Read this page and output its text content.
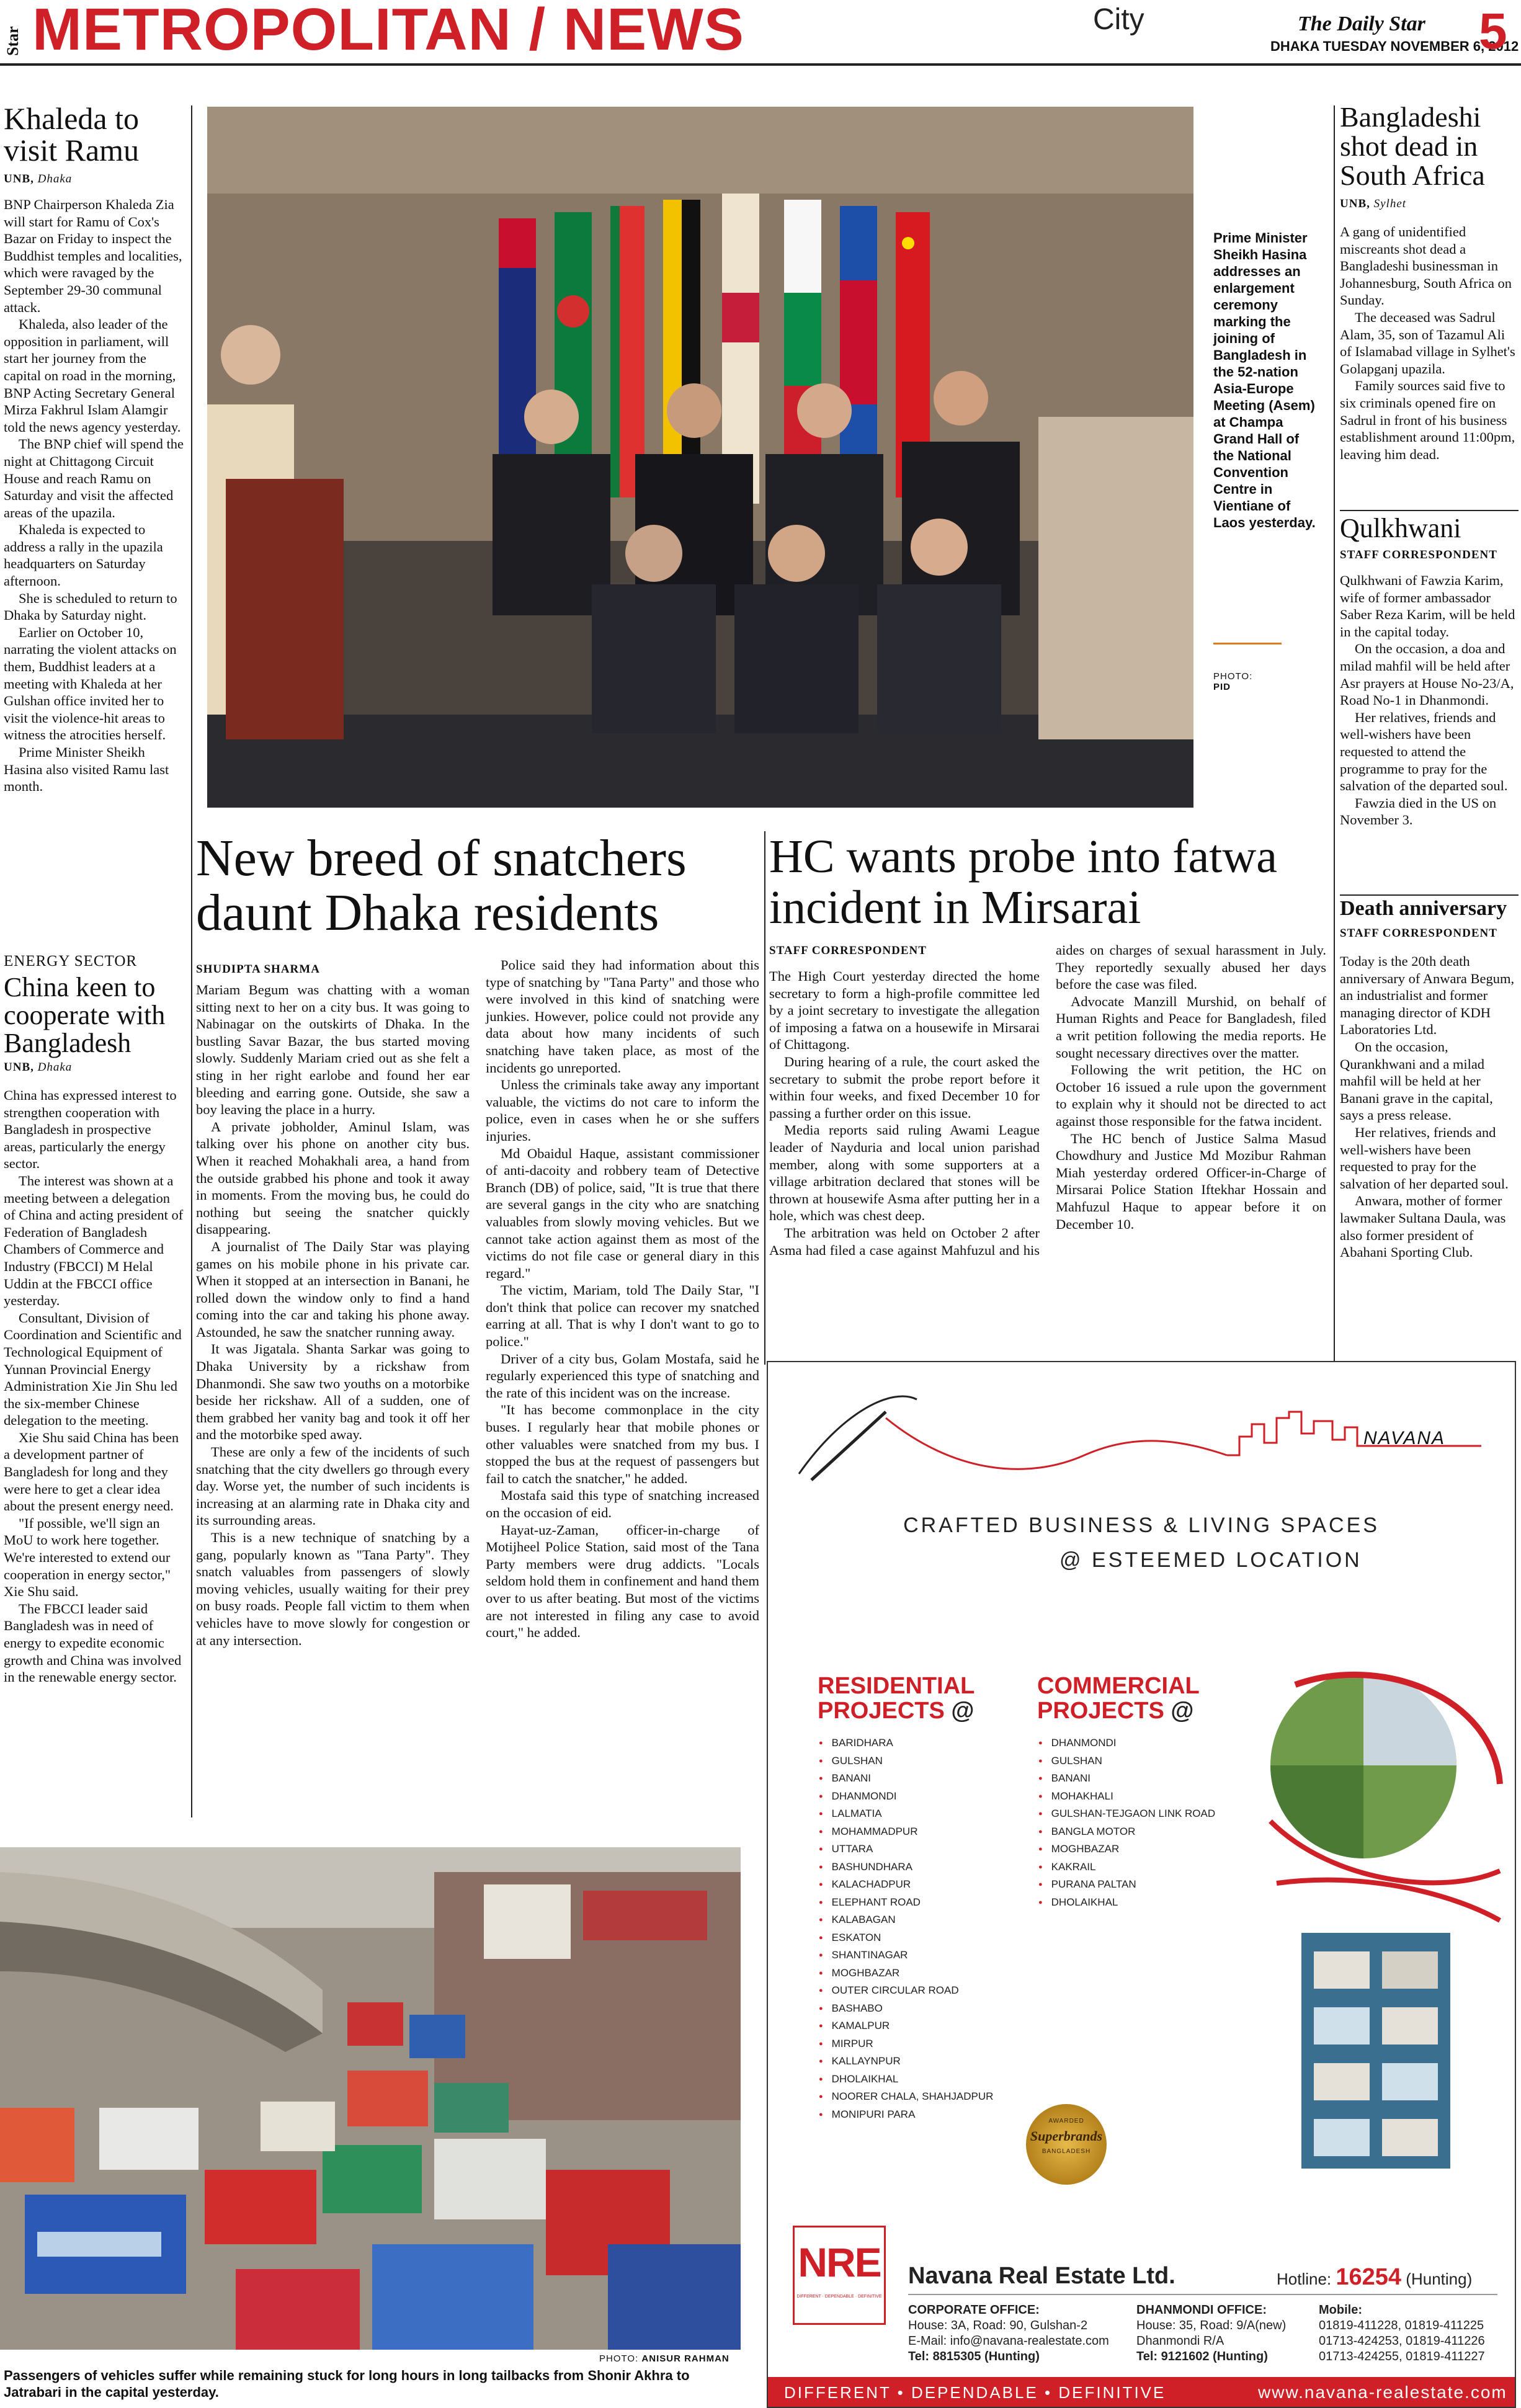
Star METROPOLITAN / NEWS	City	The Daily Star
DHAKA TUESDAY NOVEMBER 6, 2012
5
Khaleda to visit Ramu
UNB, Dhaka

BNP Chairperson Khaleda Zia will start for Ramu of Cox's Bazar on Friday to inspect the Buddhist temples and localities, which were ravaged by the September 29-30 communal attack.

Khaleda, also leader of the opposition in parliament, will start her journey from the capital on road in the morning, BNP Acting Secretary General Mirza Fakhrul Islam Alamgir told the news agency yesterday.

The BNP chief will spend the night at Chittagong Circuit House and reach Ramu on Saturday and visit the affected areas of the upazila.

Khaleda is expected to address a rally in the upazila headquarters on Saturday afternoon.

She is scheduled to return to Dhaka by Saturday night.

Earlier on October 10, narrating the violent attacks on them, Buddhist leaders at a meeting with Khaleda at her Gulshan office invited her to visit the violence-hit areas to witness the atrocities herself.

Prime Minister Sheikh Hasina also visited Ramu last month.

ENERGY SECTOR
China keen to cooperate with Bangladesh
UNB, Dhaka

China has expressed interest to strengthen cooperation with Bangladesh in prospective areas, particularly the energy sector.

The interest was shown at a meeting between a delegation of China and acting president of Federation of Bangladesh Chambers of Commerce and Industry (FBCCI) M Helal Uddin at the FBCCI office yesterday.

Consultant, Division of Coordination and Scientific and Technological Equipment of Yunnan Provincial Energy Administration Xie Jin Shu led the six-member Chinese delegation to the meeting.

Xie Shu said China has been a development partner of Bangladesh for long and they were here to get a clear idea about the present energy need.

"If possible, we'll sign an MoU to work here together. We're interested to extend our cooperation in energy sector," Xie Shu said.

The FBCCI leader said Bangladesh was in need of energy to expedite economic growth and China was involved in the renewable energy sector.

Prime Minister Sheikh Hasina addresses an enlargement ceremony marking the joining of Bangladesh in the 52-nation Asia-Europe Meeting (Asem) at Champa Grand Hall of the National Convention Centre in Vientiane of Laos yesterday.
PHOTO:
PID
New breed of snatchers daunt Dhaka residents
SHUDIPTA SHARMA

Mariam Begum was chatting with a woman sitting next to her on a city bus. It was going to Nabinagar on the outskirts of Dhaka. In the bustling Savar Bazar, the bus started moving slowly. Suddenly Mariam cried out as she felt a sting in her right earlobe and found her ear bleeding and earring gone. Outside, she saw a boy leaving the place in a hurry.

A private jobholder, Aminul Islam, was talking over his phone on another city bus. When it reached Mohakhali area, a hand from the outside grabbed his phone and took it away in moments. From the moving bus, he could do nothing but seeing the snatcher quickly disappearing.

A journalist of The Daily Star was playing games on his mobile phone in his private car. When it stopped at an intersection in Banani, he rolled down the window only to find a hand coming into the car and taking his phone away. Astounded, he saw the snatcher running away.

It was Jigatala. Shanta Sarkar was going to Dhaka University by a rickshaw from Dhanmondi. She saw two youths on a motorbike beside her rickshaw. All of a sudden, one of them grabbed her vanity bag and took it off her and the motorbike sped away.

These are only a few of the incidents of such snatching that the city dwellers go through every day. Worse yet, the number of such incidents is increasing at an alarming rate in Dhaka city and its surrounding areas.

This is a new technique of snatching by a gang, popularly known as "Tana Party". They snatch valuables from passengers of slowly moving vehicles, usually waiting for their prey on busy roads. People fall victim to them when vehicles have to move slowly for congestion or at any intersection.

Police said they had information about this type of snatching by "Tana Party" and those who were involved in this kind of snatching were junkies. However, police could not provide any data about how many incidents of such snatching have taken place, as most of the incidents go unreported.

Unless the criminals take away any important valuable, the victims do not care to inform the police, even in cases when he or she suffers injuries.

Md Obaidul Haque, assistant commissioner of anti-dacoity and robbery team of Detective Branch (DB) of police, said, "It is true that there are several gangs in the city who are snatching valuables from slowly moving vehicles. But we cannot take action against them as most of the victims do not file case or general diary in this regard."

The victim, Mariam, told The Daily Star, "I don't think that police can recover my snatched earring at all. That is why I don't want to go to police."

Driver of a city bus, Golam Mostafa, said he regularly experienced this type of snatching and the rate of this incident was on the increase.

"It has become commonplace in the city buses. I regularly hear that mobile phones or other valuables were snatched from my bus. I stopped the bus at the request of passengers but fail to catch the snatcher," he added.

Mostafa said this type of snatching increased on the occasion of eid.

Hayat-uz-Zaman, officer-in-charge of Motijheel Police Station, said most of the Tana Party members were drug addicts. "Locals seldom hold them in confinement and hand them over to us after beating. But most of the victims are not interested in filing any case to avoid court," he added.

HC wants probe into fatwa incident in Mirsarai
STAFF CORRESPONDENT

The High Court yesterday directed the home secretary to form a high-profile committee led by a joint secretary to investigate the allegation of imposing a fatwa on a housewife in Mirsarai of Chittagong.

During hearing of a rule, the court asked the secretary to submit the probe report before it within four weeks, and fixed December 10 for passing a further order on this issue.

Media reports said ruling Awami League leader of Nayduria and local union parishad member, along with some supporters at a village arbitration declared that stones will be thrown at housewife Asma after putting her in a hole, which was chest deep.

The arbitration was held on October 2 after Asma had filed a case against Mahfuzul and his aides on charges of sexual harassment in July. They reportedly sexually abused her days before the case was filed.

Advocate Manzill Murshid, on behalf of Human Rights and Peace for Bangladesh, filed a writ petition following the media reports. He sought necessary directives over the matter.

Following the writ petition, the HC on October 16 issued a rule upon the government to explain why it should not be directed to act against those responsible for the fatwa incident.

The HC bench of Justice Salma Masud Chowdhury and Justice Md Mozibur Rahman Miah yesterday ordered Officer-in-Charge of Mirsarai Police Station Iftekhar Hossain and Mahfuzul Haque to appear before it on December 10.

Bangladeshi shot dead in South Africa
UNB, Sylhet

A gang of unidentified miscreants shot dead a Bangladeshi businessman in Johannesburg, South Africa on Sunday.

The deceased was Sadrul Alam, 35, son of Tazamul Ali of Islamabad village in Sylhet's Golapganj upazila.

Family sources said five to six criminals opened fire on Sadrul in front of his business establishment around 11:00pm, leaving him dead.

Qulkhwani
STAFF CORRESPONDENT

Qulkhwani of Fawzia Karim, wife of former ambassador Saber Reza Karim, will be held in the capital today.

On the occasion, a doa and milad mahfil will be held after Asr prayers at House No-23/A, Road No-1 in Dhanmondi.

Her relatives, friends and well-wishers have been requested to attend the programme to pray for the salvation of the departed soul.

Fawzia died in the US on November 3.

Death anniversary
STAFF CORRESPONDENT

Today is the 20th death anniversary of Anwara Begum, an industrialist and former managing director of KDH Laboratories Ltd.

On the occasion, Qurankhwani and a milad mahfil will be held at her Banani grave in the capital, says a press release.

Her relatives, friends and well-wishers have been requested to pray for the salvation of her departed soul.

Anwara, mother of former lawmaker Sultana Daula, was also former president of Abahani Sporting Club.

PHOTO: ANISUR RAHMAN
Passengers of vehicles suffer while remaining stuck for long hours in long tailbacks from Shonir Akhra to Jatrabari in the capital yesterday.
NAVANA
CRAFTED BUSINESS & LIVING SPACES
@ ESTEEMED LOCATION
RESIDENTIAL
PROJECTS @
● BARIDHARA
● GULSHAN
● BANANI
● DHANMONDI
● LALMATIA
● MOHAMMADPUR
● UTTARA
● BASHUNDHARA
● KALACHADPUR
● ELEPHANT ROAD
● KALABAGAN
● ESKATON
● SHANTINAGAR
● MOGHBAZAR
● OUTER CIRCULAR ROAD
● BASHABO
● KAMALPUR
● MIRPUR
● KALLAYNPUR
● DHOLAIKHAL
● NOORER CHALA, SHAHJADPUR
● MONIPURI PARA
COMMERCIAL
PROJECTS @
● DHANMONDI
● GULSHAN
● BANANI
● MOHAKHALI
● GULSHAN-TEJGAON LINK ROAD
● BANGLA MOTOR
● MOGHBAZAR
● KAKRAIL
● PURANA PALTAN
● DHOLAIKHAL
AWARDED
Superbrands
BANGLADESH
NRE
DIFFERENT · DEPENDABLE · DEFINITIVE
Navana Real Estate Ltd.	Hotline: 16254 (Hunting)
CORPORATE OFFICE:
House: 3A, Road: 90, Gulshan-2
E-Mail: info@navana-realestate.com
Tel: 8815305 (Hunting)
DHANMONDI OFFICE:
House: 35, Road: 9/A(new)
Dhanmondi R/A
Tel: 9121602 (Hunting)
Mobile:
01819-411228, 01819-411225
01713-424253, 01819-411226
01713-424255, 01819-411227
DIFFERENT • DEPENDABLE • DEFINITIVE	www.navana-realestate.com
